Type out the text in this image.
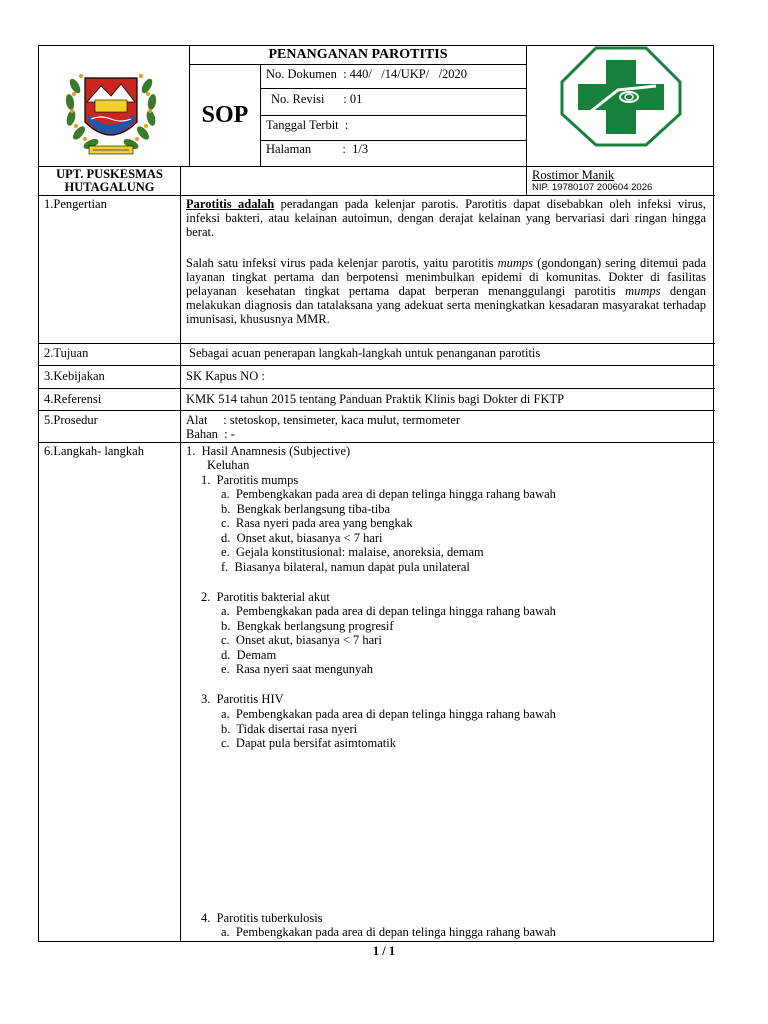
PENANGANAN PAROTITIS
SOP
No. Dokumen  : 440/   /14/UKP/   /2020
No. Revisi      : 01
Tanggal Terbit  :
Halaman          :  1/3
UPT. PUSKESMAS
HUTAGALUNG
Rostimor Manik
NIP. 19780107 200604 2026
1.Pengertian	Parotitis adalah peradangan pada kelenjar parotis. Parotitis dapat disebabkan oleh infeksi virus, infeksi bakteri, atau kelainan autoimun, dengan derajat kelainan yang bervariasi dari ringan hingga berat.
Salah satu infeksi virus pada kelenjar parotis, yaitu parotitis mumps (gondongan) sering ditemui pada layanan tingkat pertama dan berpotensi menimbulkan epidemi di komunitas. Dokter di fasilitas pelayanan kesehatan tingkat pertama dapat berperan menanggulangi parotitis mumps dengan melakukan diagnosis dan tatalaksana yang adekuat serta meningkatkan kesadaran masyarakat terhadap imunisasi, khususnya MMR.
2.Tujuan	Sebagai acuan penerapan langkah-langkah untuk penanganan parotitis
3.Kebijakan	SK Kapus NO :
4.Referensi	KMK 514 tahun 2015 tentang Panduan Praktik Klinis bagi Dokter di FKTP
5.Prosedur	Alat     : stetoskop, tensimeter, kaca mulut, termometer
Bahan  : -
6.Langkah- langkah	1.  Hasil Anamnesis (Subjective)
Keluhan
1.  Parotitis mumps
a.  Pembengkakan pada area di depan telinga hingga rahang bawah
b.  Bengkak berlangsung tiba-tiba
c.  Rasa nyeri pada area yang bengkak
d.  Onset akut, biasanya < 7 hari
e.  Gejala konstitusional: malaise, anoreksia, demam
f.  Biasanya bilateral, namun dapat pula unilateral
2.  Parotitis bakterial akut
a.  Pembengkakan pada area di depan telinga hingga rahang bawah
b.  Bengkak berlangsung progresif
c.  Onset akut, biasanya < 7 hari
d.  Demam
e.  Rasa nyeri saat mengunyah
3.  Parotitis HIV
a.  Pembengkakan pada area di depan telinga hingga rahang bawah
b.  Tidak disertai rasa nyeri
c.  Dapat pula bersifat asimtomatik
4.  Parotitis tuberkulosis
a.  Pembengkakan pada area di depan telinga hingga rahang bawah
1 / 1
